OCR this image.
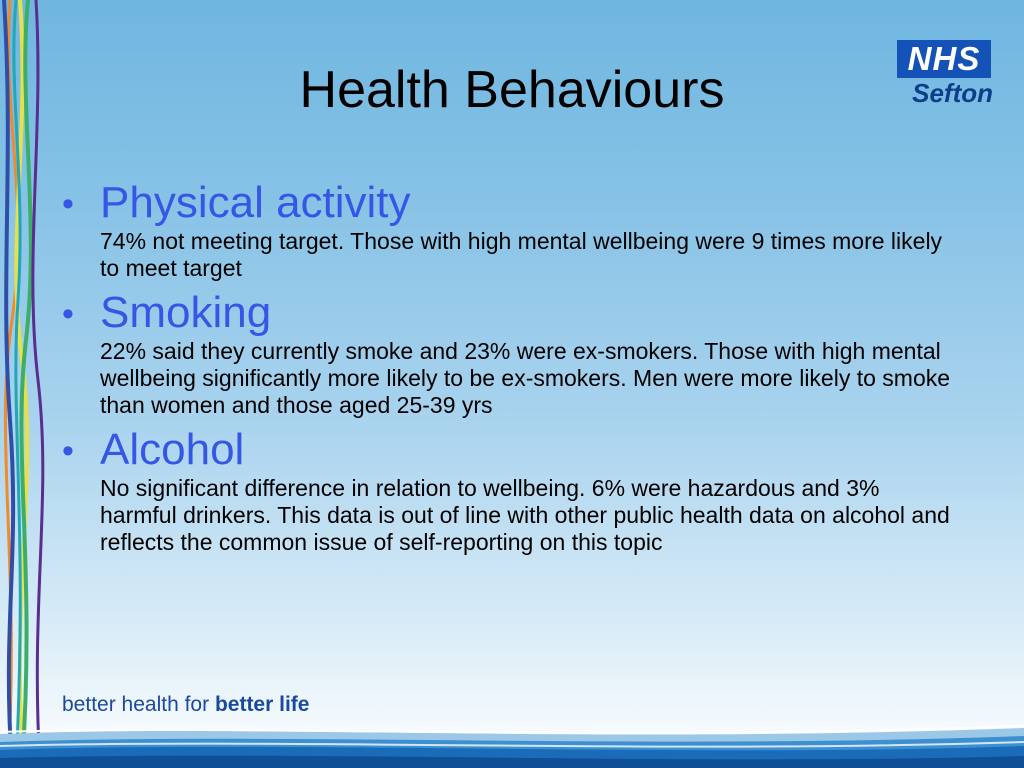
Health Behaviours
NHS
Sefton
• Physical activity
74% not meeting target. Those with high mental wellbeing were 9 times more likely to meet target
• Smoking
22% said they currently smoke and 23% were ex-smokers. Those with high mental wellbeing significantly more likely to be ex-smokers. Men were more likely to smoke than women and those aged 25-39 yrs
• Alcohol
No significant difference in relation to wellbeing. 6% were hazardous and 3% harmful drinkers. This data is out of line with other public health data on alcohol and reflects the common issue of self-reporting on this topic
better health for better life
